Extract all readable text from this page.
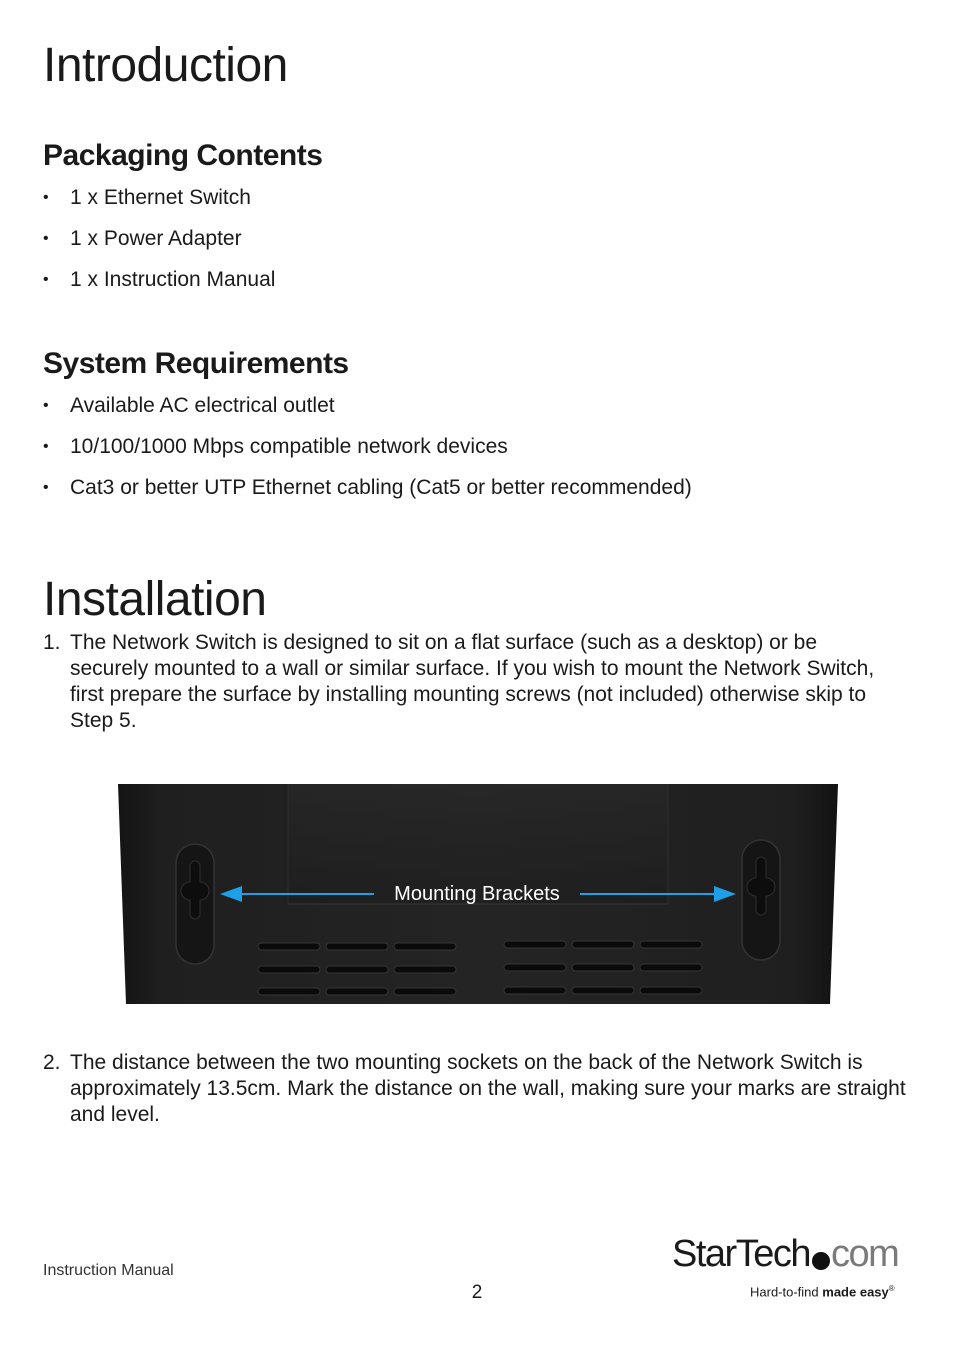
Introduction
Packaging Contents
• 1 x Ethernet Switch
• 1 x Power Adapter
• 1 x Instruction Manual
System Requirements
• Available AC electrical outlet
• 10/100/1000 Mbps compatible network devices
• Cat3 or better UTP Ethernet cabling (Cat5 or better recommended)
Installation
1. The Network Switch is designed to sit on a flat surface (such as a desktop) or be securely mounted to a wall or similar surface. If you wish to mount the Network Switch, first prepare the surface by installing mounting screws (not included) otherwise skip to Step 5.
Mounting Brackets
2. The distance between the two mounting sockets on the back of the Network Switch is approximately 13.5cm. Mark the distance on the wall, making sure your marks are straight and level.
Instruction Manual
2
StarTech com
Hard-to-find made easy®
